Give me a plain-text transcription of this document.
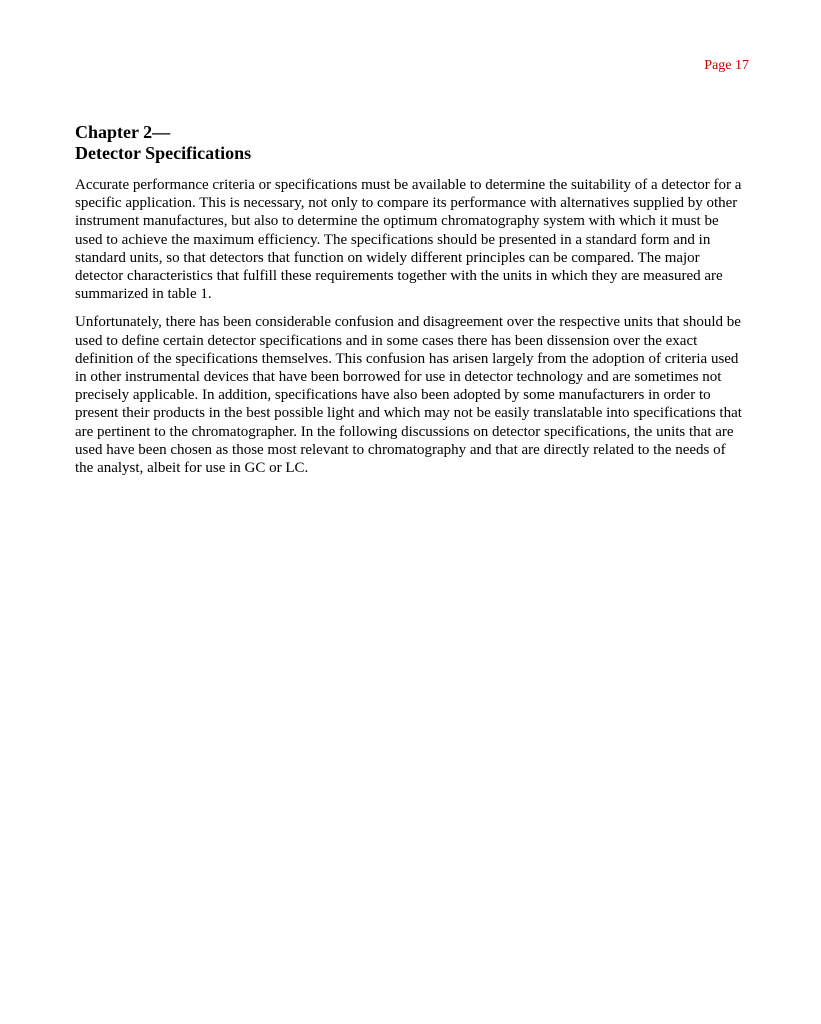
Page 17
Chapter 2—
Detector Specifications

Accurate performance criteria or specifications must be available to determine the suitability of a detector for a specific application. This is necessary, not only to compare its performance with alternatives supplied by other instrument manufactures, but also to determine the optimum chromatography system with which it must be used to achieve the maximum efficiency. The specifications should be presented in a standard form and in standard units, so that detectors that function on widely different principles can be compared. The major detector characteristics that fulfill these requirements together with the units in which they are measured are summarized in table 1.

Unfortunately, there has been considerable confusion and disagreement over the respective units that should be used to define certain detector specifications and in some cases there has been dissension over the exact definition of the specifications themselves. This confusion has arisen largely from the adoption of criteria used in other instrumental devices that have been borrowed for use in detector technology and are sometimes not precisely applicable. In addition, specifications have also been adopted by some manufacturers in order to present their products in the best possible light and which may not be easily translatable into specifications that are pertinent to the chromatographer. In the following discussions on detector specifications, the units that are used have been chosen as those most relevant to chromatography and that are directly related to the needs of the analyst, albeit for use in GC or LC.
